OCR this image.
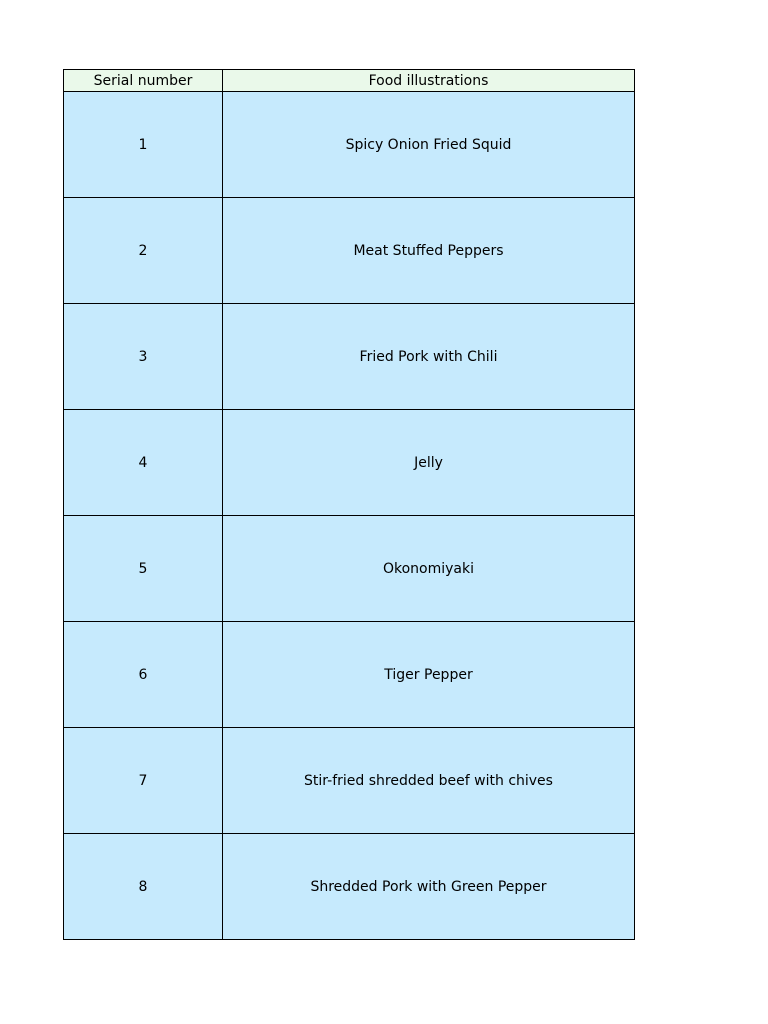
Serial number	Food illustrations
1	Spicy Onion Fried Squid
2	Meat Stuffed Peppers
3	Fried Pork with Chili
4	Jelly
5	Okonomiyaki
6	Tiger Pepper
7	Stir-fried shredded beef with chives
8	Shredded Pork with Green Pepper
